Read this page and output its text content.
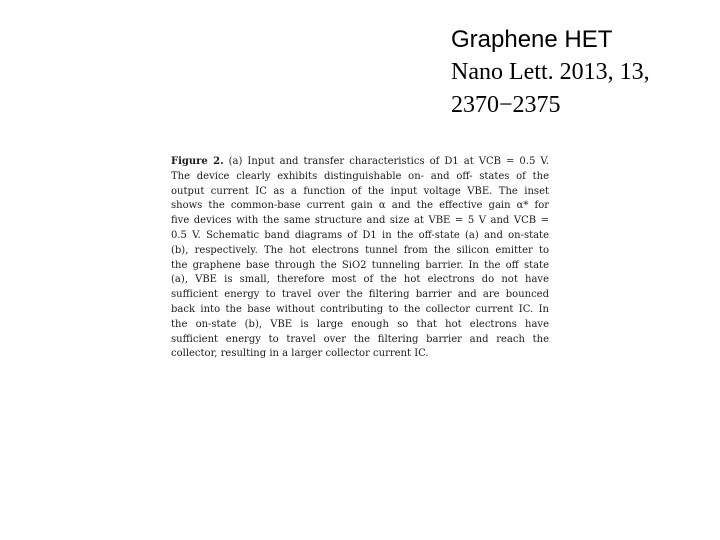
Graphene HET
Nano Lett. 2013, 13,
2370−2375
Figure 2. (a) Input and transfer characteristics of D1 at VCB = 0.5 V.
The device clearly exhibits distinguishable on- and off- states of the
output current IC as a function of the input voltage VBE. The inset
shows the common-base current gain α and the effective gain α* for
five devices with the same structure and size at VBE = 5 V and VCB =
0.5 V. Schematic band diagrams of D1 in the off-state (a) and on-state
(b), respectively. The hot electrons tunnel from the silicon emitter to
the graphene base through the SiO2 tunneling barrier. In the off state
(a), VBE is small, therefore most of the hot electrons do not have
sufficient energy to travel over the filtering barrier and are bounced
back into the base without contributing to the collector current IC. In
the on-state (b), VBE is large enough so that hot electrons have
sufficient energy to travel over the filtering barrier and reach the
collector, resulting in a larger collector current IC.
